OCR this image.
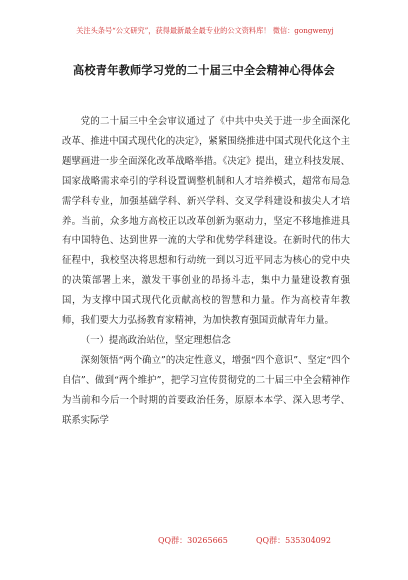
关注头条号“公文研究”，获得最新最全最专业的公文资料库！ 微信：gongwenyj
高校青年教师学习党的二十届三中全会精神心得体会

党的二十届三中全会审议通过了《中共中央关于进一步全面深化改革、推进中国式现代化的决定》，紧紧围绕推进中国式现代化这个主题擘画进一步全面深化改革战略举措。《决定》提出，建立科技发展、国家战略需求牵引的学科设置调整机制和人才培养模式，超常布局急需学科专业，加强基础学科、新兴学科、交叉学科建设和拔尖人才培养。当前，众多地方高校正以改革创新为驱动力，坚定不移地推进具有中国特色、达到世界一流的大学和优势学科建设。在新时代的伟大征程中，我校坚决将思想和行动统一到以习近平同志为核心的党中央的决策部署上来，激发干事创业的昂扬斗志，集中力量建设教育强国，为支撑中国式现代化贡献高校的智慧和力量。作为高校青年教师，我们要大力弘扬教育家精神，为加快教育强国贡献青年力量。

（一）提高政治站位，坚定理想信念

深刻领悟“两个确立”的决定性意义，增强“四个意识”、坚定“四个自信”、做到“两个维护”，把学习宣传贯彻党的二十届三中全会精神作为当前和今后一个时期的首要政治任务，原原本本学、深入思考学、联系实际学

QQ群：30265665	QQ群：535304092
